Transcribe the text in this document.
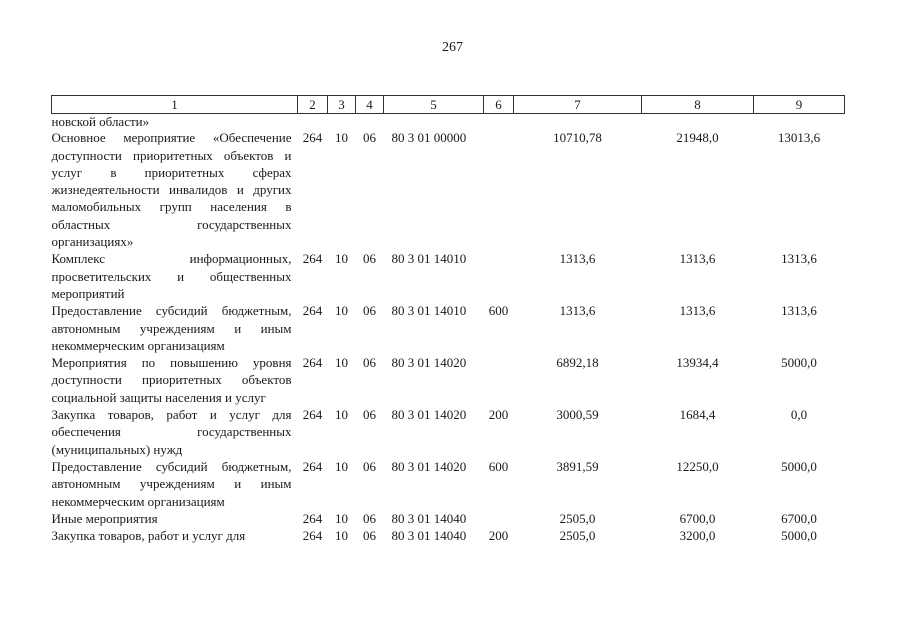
267
1	2	3	4	5	6	7	8	9
новской области»								
Основное мероприятие «Обеспечение доступности приоритетных объектов и услуг в приоритетных сферах жизнедеятельности инвалидов и других маломобильных групп населения в областных государственных организациях»	264	10	06	80 3 01 00000		10710,78	21948,0	13013,6
Комплекс информационных, просветительских и общественных мероприятий	264	10	06	80 3 01 14010		1313,6	1313,6	1313,6
Предоставление субсидий бюджетным, автономным учреждениям и иным некоммерческим организациям	264	10	06	80 3 01 14010	600	1313,6	1313,6	1313,6
Мероприятия по повышению уровня доступности приоритетных объектов социальной защиты населения и услуг	264	10	06	80 3 01 14020		6892,18	13934,4	5000,0
Закупка товаров, работ и услуг для обеспечения государственных (муниципальных) нужд	264	10	06	80 3 01 14020	200	3000,59	1684,4	0,0
Предоставление субсидий бюджетным, автономным учреждениям и иным некоммерческим организациям	264	10	06	80 3 01 14020	600	3891,59	12250,0	5000,0
Иные мероприятия	264	10	06	80 3 01 14040		2505,0	6700,0	6700,0
Закупка товаров, работ и услуг для	264	10	06	80 3 01 14040	200	2505,0	3200,0	5000,0
